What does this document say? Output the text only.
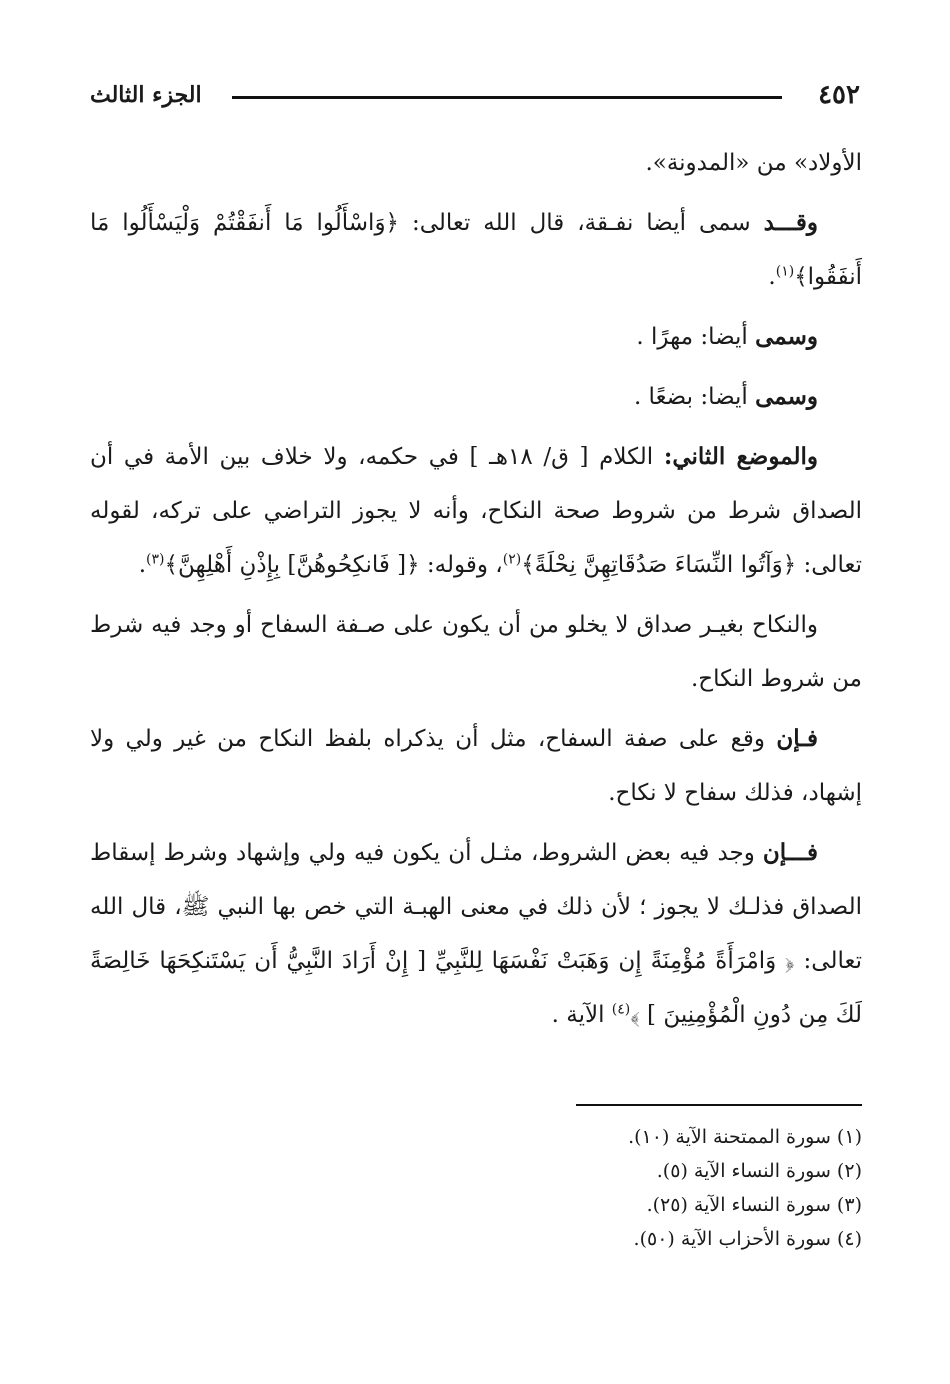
الجزء الثالث	٤٥٢

الأولاد» من «المدونة».

وقـــد سمى أيضا نفـقة، قال الله تعالى: ﴿وَاسْأَلُوا مَا أَنفَقْتُمْ وَلْيَسْأَلُوا مَا أَنفَقُوا﴾$^{(١)}$.

وسمى أيضا: مهرًا .

وسمى أيضا: بضعًا .

والموضع الثاني: الكلام [ ق/ ١٨هـ ] في حكمه، ولا خلاف بين الأمة في أن الصداق شرط من شروط صحة النكاح، وأنه لا يجوز التراضي على تركه، لقوله تعالى: ﴿وَآتُوا النِّسَاءَ صَدُقَاتِهِنَّ نِحْلَةً﴾$^{(٢)}$، وقوله: ﴿[ فَانكِحُوهُنَّ] بِإِذْنِ أَهْلِهِنَّ﴾$^{(٣)}$.

والنكاح بغيـر صداق لا يخلو من أن يكون على صـفة السفاح أو وجد فيه شرط من شروط النكاح.

فـإن وقع على صفة السفاح، مثل أن يذكراه بلفظ النكاح من غير ولي ولا إشهاد، فذلك سفاح لا نكاح.

فـــإن وجد فيه بعض الشروط، مثـل أن يكون فيه ولي وإشهاد وشرط إسقاط الصداق فذلـك لا يجوز ؛ لأن ذلك في معنى الهبـة التي خص بها النبي ﷺ، قال الله تعالى: ﴿ وَامْرَأَةً مُؤْمِنَةً إِن وَهَبَتْ نَفْسَهَا لِلنَّبِيِّ [ إِنْ أَرَادَ النَّبِيُّ أَن يَسْتَنكِحَهَا خَالِصَةً لَكَ مِن دُونِ الْمُؤْمِنِينَ ] ﴾$^{(٤)}$ الآية .

(١) سورة الممتحنة الآية (١٠).
(٢) سورة النساء الآية (٥).
(٣) سورة النساء الآية (٢٥).
(٤) سورة الأحزاب الآية (٥٠).
